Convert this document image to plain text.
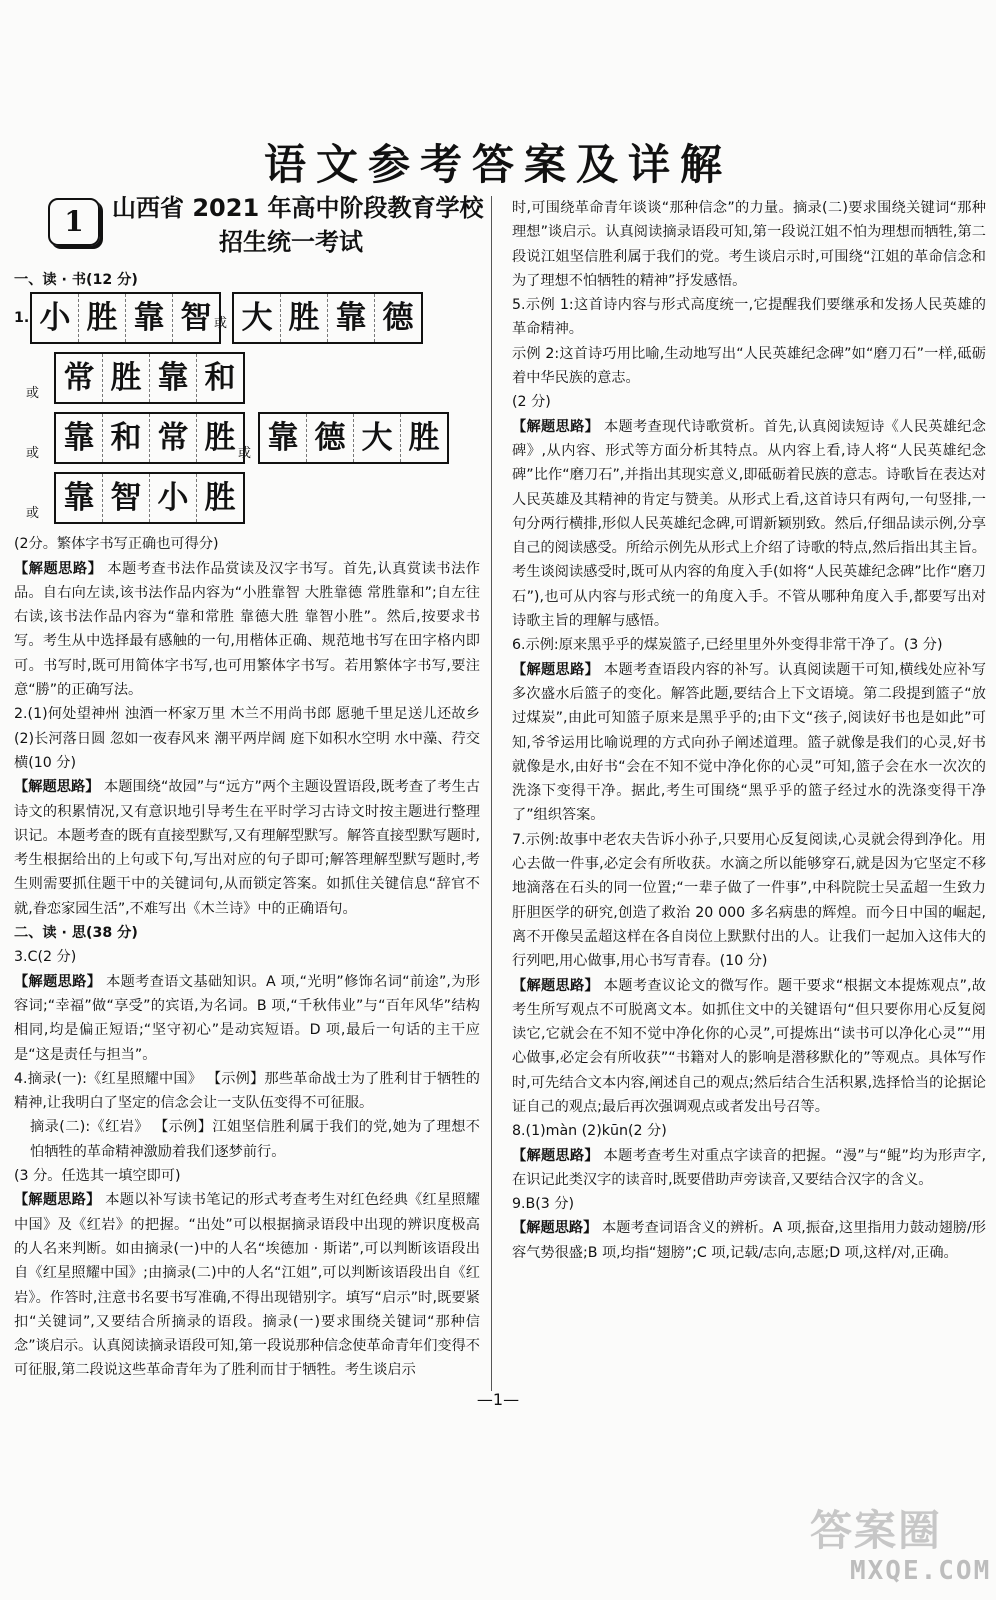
语文参考答案及详解
1	山西省 2021 年高中阶段教育学校
招生统一考试

一、读 · 书(12 分)

1. 小 胜 靠 智 或 大 胜 靠 德
或 常 胜 靠 和
或 靠 和 常 胜 或 靠 德 大 胜
或 靠 智 小 胜

(2分。繁体字书写正确也可得分)

【解题思路】 本题考查书法作品赏读及汉字书写。首先,认真赏读书法作品。自右向左读,该书法作品内容为“小胜靠智 大胜靠德 常胜靠和”;自左往右读,该书法作品内容为“靠和常胜 靠德大胜 靠智小胜”。然后,按要求书写。考生从中选择最有感触的一句,用楷体正确、规范地书写在田字格内即可。书写时,既可用简体字书写,也可用繁体字书写。若用繁体字书写,要注意“勝”的正确写法。

2.(1)何处望神州 浊酒一杯家万里 木兰不用尚书郎 愿驰千里足送儿还故乡 (2)长河落日圆 忽如一夜春风来 潮平两岸阔 庭下如积水空明 水中藻、荇交横(10 分)

【解题思路】 本题围绕“故园”与“远方”两个主题设置语段,既考查了考生古诗文的积累情况,又有意识地引导考生在平时学习古诗文时按主题进行整理识记。本题考查的既有直接型默写,又有理解型默写。解答直接型默写题时,考生根据给出的上句或下句,写出对应的句子即可;解答理解型默写题时,考生则需要抓住题干中的关键词句,从而锁定答案。如抓住关键信息“辞官不就,眷恋家园生活”,不难写出《木兰诗》中的正确语句。

二、读 · 思(38 分)

3.C(2 分)

【解题思路】 本题考查语文基础知识。A 项,“光明”修饰名词“前途”,为形容词;“幸福”做“享受”的宾语,为名词。B 项,“千秋伟业”与“百年风华”结构相同,均是偏正短语;“坚守初心”是动宾短语。D 项,最后一句话的主干应是“这是责任与担当”。

4.摘录(一):《红星照耀中国》 【示例】那些革命战士为了胜利甘于牺牲的精神,让我明白了坚定的信念会让一支队伍变得不可征服。

摘录(二):《红岩》 【示例】江姐坚信胜利属于我们的党,她为了理想不怕牺牲的革命精神激励着我们逐梦前行。

(3 分。任选其一填空即可)

【解题思路】 本题以补写读书笔记的形式考查考生对红色经典《红星照耀中国》及《红岩》的把握。“出处”可以根据摘录语段中出现的辨识度极高的人名来判断。如由摘录(一)中的人名“埃德加 · 斯诺”,可以判断该语段出自《红星照耀中国》;由摘录(二)中的人名“江姐”,可以判断该语段出自《红岩》。作答时,注意书名要书写准确,不得出现错别字。填写“启示”时,既要紧扣“关键词”,又要结合所摘录的语段。摘录(一)要求围绕关键词“那种信念”谈启示。认真阅读摘录语段可知,第一段说那种信念使革命青年们变得不可征服,第二段说这些革命青年为了胜利而甘于牺牲。考生谈启示

时,可围绕革命青年谈谈“那种信念”的力量。摘录(二)要求围绕关键词“那种理想”谈启示。认真阅读摘录语段可知,第一段说江姐不怕为理想而牺牲,第二段说江姐坚信胜利属于我们的党。考生谈启示时,可围绕“江姐的革命信念和为了理想不怕牺牲的精神”抒发感悟。

5.示例 1:这首诗内容与形式高度统一,它提醒我们要继承和发扬人民英雄的革命精神。

示例 2:这首诗巧用比喻,生动地写出“人民英雄纪念碑”如“磨刀石”一样,砥砺着中华民族的意志。

(2 分)

【解题思路】 本题考查现代诗歌赏析。首先,认真阅读短诗《人民英雄纪念碑》,从内容、形式等方面分析其特点。从内容上看,诗人将“人民英雄纪念碑”比作“磨刀石”,并指出其现实意义,即砥砺着民族的意志。诗歌旨在表达对人民英雄及其精神的肯定与赞美。从形式上看,这首诗只有两句,一句竖排,一句分两行横排,形似人民英雄纪念碑,可谓新颖别致。然后,仔细品读示例,分享自己的阅读感受。所给示例先从形式上介绍了诗歌的特点,然后指出其主旨。考生谈阅读感受时,既可从内容的角度入手(如将“人民英雄纪念碑”比作“磨刀石”),也可从内容与形式统一的角度入手。不管从哪种角度入手,都要写出对诗歌主旨的理解与感悟。

6.示例:原来黑乎乎的煤炭篮子,已经里里外外变得非常干净了。(3 分)

【解题思路】 本题考查语段内容的补写。认真阅读题干可知,横线处应补写多次盛水后篮子的变化。解答此题,要结合上下文语境。第二段提到篮子“放过煤炭”,由此可知篮子原来是黑乎乎的;由下文“孩子,阅读好书也是如此”可知,爷爷运用比喻说理的方式向孙子阐述道理。篮子就像是我们的心灵,好书就像是水,由好书“会在不知不觉中净化你的心灵”可知,篮子会在水一次次的洗涤下变得干净。据此,考生可围绕“黑乎乎的篮子经过水的洗涤变得干净了”组织答案。

7.示例:故事中老农夫告诉小孙子,只要用心反复阅读,心灵就会得到净化。用心去做一件事,必定会有所收获。水滴之所以能够穿石,就是因为它坚定不移地滴落在石头的同一位置;“一辈子做了一件事”,中科院院士吴孟超一生致力肝胆医学的研究,创造了救治 20 000 多名病患的辉煌。而今日中国的崛起,离不开像吴孟超这样在各自岗位上默默付出的人。让我们一起加入这伟大的行列吧,用心做事,用心书写青春。(10 分)

【解题思路】 本题考查议论文的微写作。题干要求“根据文本提炼观点”,故考生所写观点不可脱离文本。如抓住文中的关键语句“但只要你用心反复阅读它,它就会在不知不觉中净化你的心灵”,可提炼出“读书可以净化心灵”“用心做事,必定会有所收获”“书籍对人的影响是潜移默化的”等观点。具体写作时,可先结合文本内容,阐述自己的观点;然后结合生活积累,选择恰当的论据论证自己的观点;最后再次强调观点或者发出号召等。

8.(1)màn (2)kūn(2 分)

【解题思路】 本题考查考生对重点字读音的把握。“漫”与“鲲”均为形声字,在识记此类汉字的读音时,既要借助声旁读音,又要结合汉字的含义。

9.B(3 分)

【解题思路】 本题考查词语含义的辨析。A 项,振奋,这里指用力鼓动翅膀/形容气势很盛;B 项,均指“翅膀”;C 项,记载/志向,志愿;D 项,这样/对,正确。

—1—
答案圈
MXQE.COM
